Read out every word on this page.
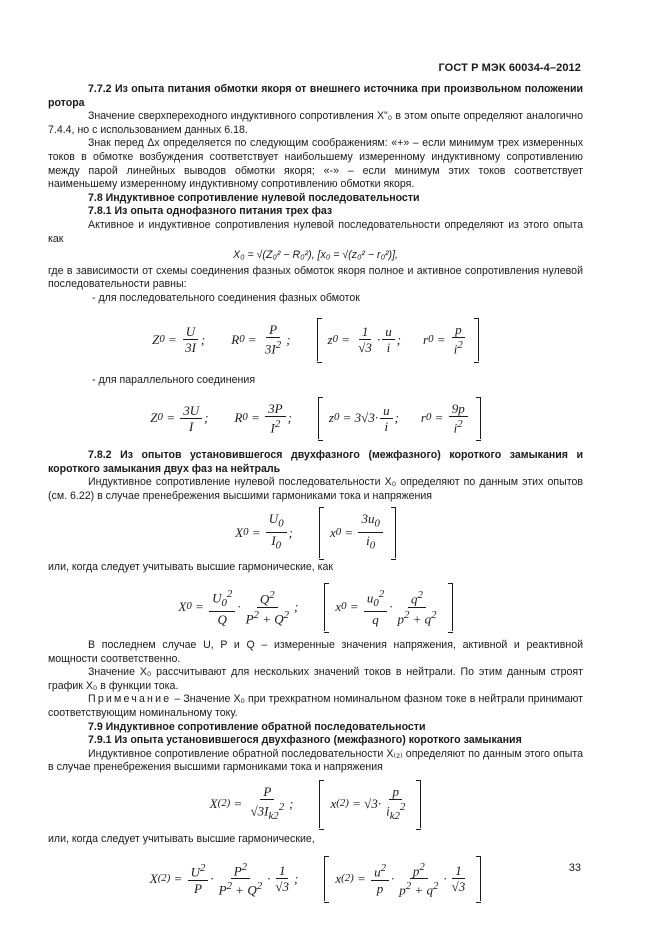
ГОСТ Р МЭК 60034-4–2012

7.7.2 Из опыта питания обмотки якоря от внешнего источника при произвольном положении ротора

Значение сверхпереходного индуктивного сопротивления X"₀ в этом опыте определяют аналогично 7.4.4, но с использованием данных 6.18.

Знак перед Δx определяется по следующим соображениям: «+» – если минимум трех измеренных токов в обмотке возбуждения соответствует наибольшему измеренному индуктивному сопротивлению между парой линейных выводов обмотки якоря; «-» – если минимум этих токов соответствует наименьшему измеренному индуктивному сопротивлению обмотки якоря.

7.8 Индуктивное сопротивление нулевой последовательности

7.8.1 Из опыта однофазного питания трех фаз

Активное и индуктивное сопротивления нулевой последовательности определяют из этого опыта как

X₀ = √(Z₀² − R₀²), [x₀ = √(z₀² − r₀²)],

где в зависимости от схемы соединения фазных обмоток якоря полное и активное сопротивления нулевой последовательности равны:

- для последовательного соединения фазных обмоток

Z $0 = \frac{U}{3I}$ ; R $0 = \frac{P}{3I^2}$ ;	z $0 = \frac{1}{√3} \cdot \frac{u}{i}$ ; r $0 = \frac{p}{i^2}$

- для параллельного соединения

Z $0 = \frac{3U}{I}$ ; R $0 = \frac{3P}{I^2}$ ;	z $0 = 3√3\cdot \frac{u}{i}$ ; r $0 = \frac{9p}{i^2}$

7.8.2 Из опытов установившегося двухфазного (межфазного) короткого замыкания и короткого замыкания двух фаз на нейтраль

Индуктивное сопротивление нулевой последовательности X₀ определяют по данным этих опытов (см. 6.22) в случае пренебрежения высшими гармониками тока и напряжения

X $0 = \frac{U_0}{I_0}$ ;	x $0 = \frac{3u_0}{i_0}$

или, когда следует учитывать высшие гармонические, как

X $0 = \frac{U_0^2}{Q} \cdot \frac{Q^2}{P^2 + Q^2}$ ;	x $0 = \frac{u_0^2}{q} \cdot \frac{q^2}{p^2 + q^2}$

В последнем случае U, P и Q – измеренные значения напряжения, активной и реактивной мощности соответственно.

Значение X₀ рассчитывают для нескольких значений токов в нейтрали. По этим данным строят график X₀ в функции тока.

Примечание – Значение X₀ при трехкратном номинальном фазном токе в нейтрали принимают соответствующим номинальному току.

7.9 Индуктивное сопротивление обратной последовательности

7.9.1 Из опыта установившегося двухфазного (межфазного) короткого замыкания

Индуктивное сопротивление обратной последовательности X₍₂₎ определяют по данным этого опыта в случае пренебрежения высшими гармониками тока и напряжения

X $(2) = \frac{P}{√3I_{k2}^2}$ ;	x $(2) = √3\cdot \frac{p}{i_{k2}^2}$

или, когда следует учитывать высшие гармонические,

X $(2) = \frac{U^2}{P} \cdot \frac{P^2}{P^2 + Q^2} \cdot \frac{1}{√3}$ ;	x $(2) = \frac{u^2}{p} \cdot \frac{p^2}{p^2 + q^2} \cdot \frac{1}{√3}$	33
